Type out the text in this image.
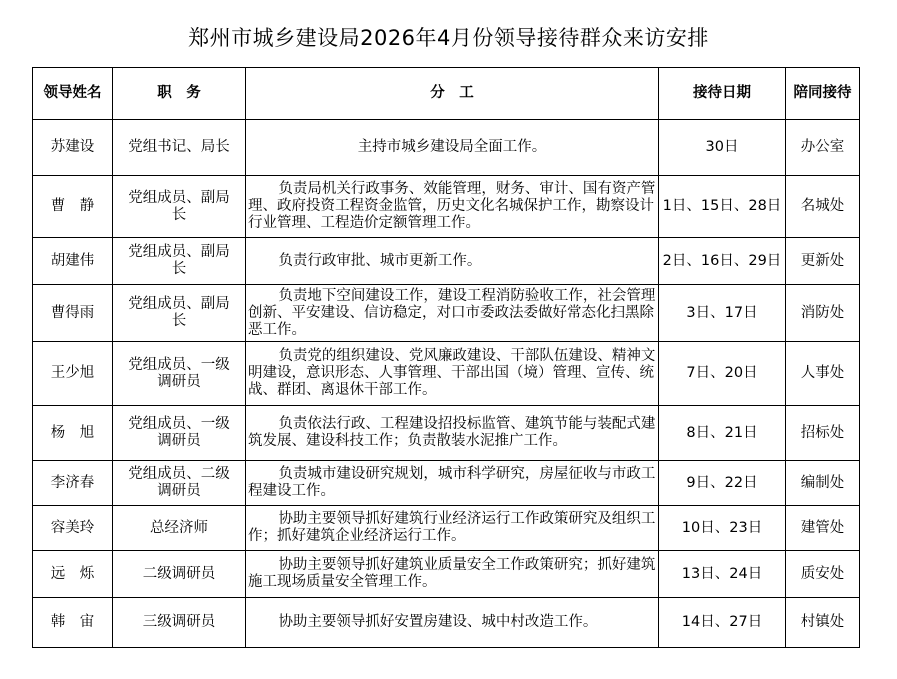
郑州市城乡建设局2026年4月份领导接待群众来访安排
领导姓名	职　务	分　工	接待日期	陪同接待
苏建设	党组书记、局长	主持市城乡建设局全面工作。	30日	办公室
曹　静	党组成员、副局长	负责局机关行政事务、效能管理，财务、审计、国有资产管理、政府投资工程资金监管，历史文化名城保护工作，勘察设计行业管理、工程造价定额管理工作。	1日、15日、28日	名城处
胡建伟	党组成员、副局长	负责行政审批、城市更新工作。	2日、16日、29日	更新处
曹得雨	党组成员、副局长	负责地下空间建设工作，建设工程消防验收工作，社会管理创新、平安建设、信访稳定，对口市委政法委做好常态化扫黑除恶工作。	3日、17日	消防处
王少旭	党组成员、一级调研员	负责党的组织建设、党风廉政建设、干部队伍建设、精神文明建设，意识形态、人事管理、干部出国（境）管理、宣传、统战、群团、离退休干部工作。	7日、20日	人事处
杨　旭	党组成员、一级调研员	负责依法行政、工程建设招投标监管、建筑节能与装配式建筑发展、建设科技工作；负责散装水泥推广工作。	8日、21日	招标处
李济春	党组成员、二级调研员	负责城市建设研究规划，城市科学研究，房屋征收与市政工程建设工作。	9日、22日	编制处
容美玲	总经济师	协助主要领导抓好建筑行业经济运行工作政策研究及组织工作；抓好建筑企业经济运行工作。	10日、23日	建管处
远　烁	二级调研员	协助主要领导抓好建筑业质量安全工作政策研究；抓好建筑施工现场质量安全管理工作。	13日、24日	质安处
韩　宙	三级调研员	协助主要领导抓好安置房建设、城中村改造工作。	14日、27日	村镇处
